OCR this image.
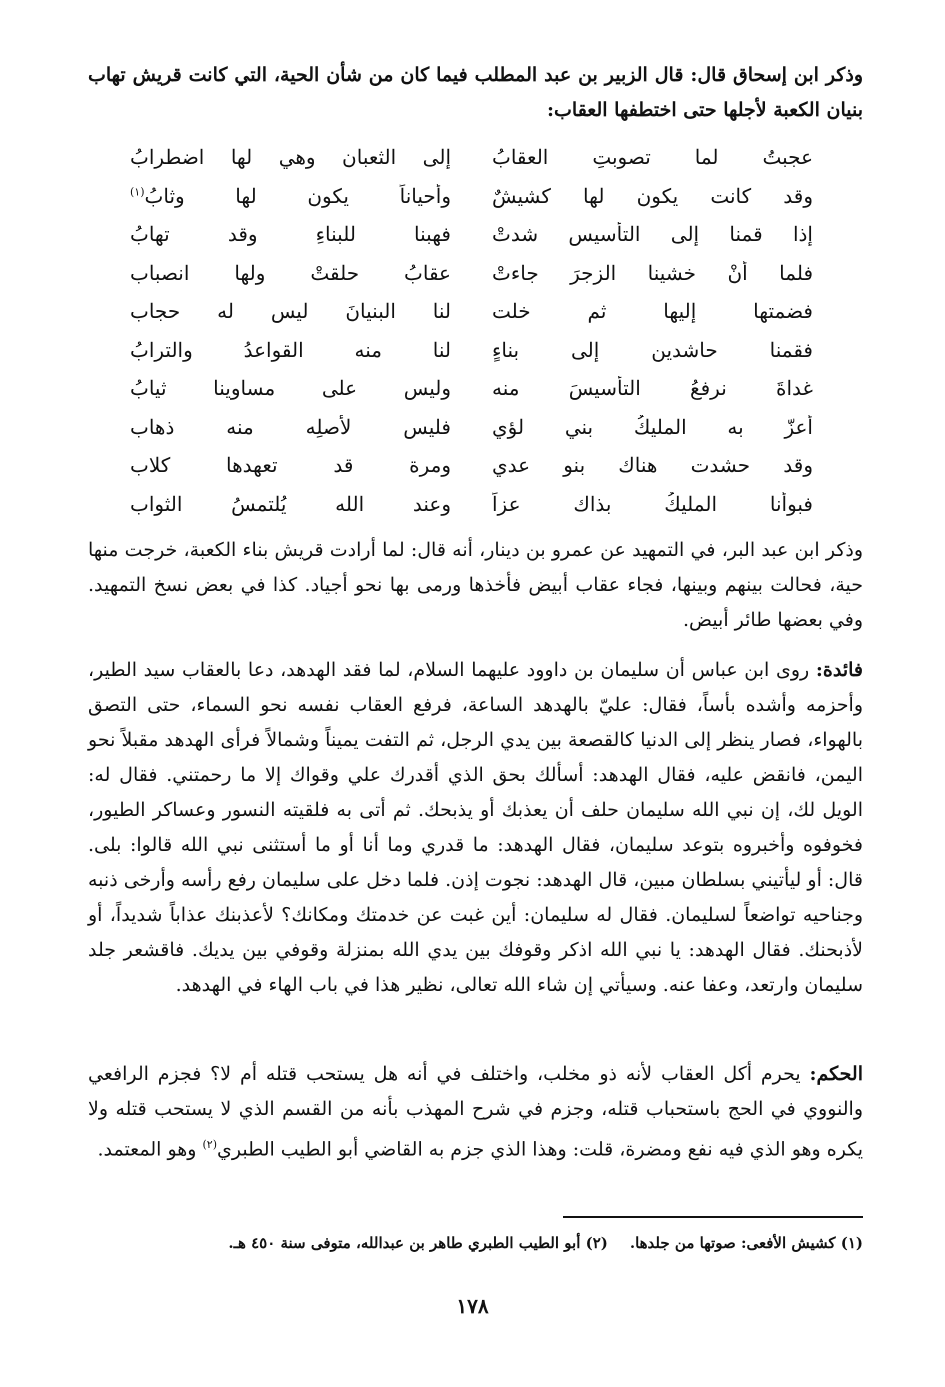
وذكر ابن إسحاق قال: قال الزبير بن عبد المطلب فيما كان من شأن الحية، التي كانت قريش تهاب بنيان الكعبة لأجلها حتى اختطفها العقاب:
عجبتُ لما تصوبتِ العقابُ
إلى الثعبانِ وهي لها اضطرابُ
وقد كانت يكون لها كشيشٌ
وأحياناً يكون لها وِثابُ$^{(١)}$
إذا قمنا إلى التأسيسِ شدتْ
فهبنا للبناءِ وقد تهابُ
فلما أنْ خشينا الزجرَ جاءتْ
عقابُ حلقتْ ولها انصباب
فضمتها إليها ثم خلت
لنا البنيانَ ليس له حجاب
فقمنا حاشدين إلى بناءٍ
لنا منه القواعدُ والترابُ
غداةَ نرفعُ التأسيسَ منه
وليس على مساوينا ثيابُ
أعزّ به المليكُ بني لؤي
فليس لأصلِه منه ذهاب
وقد حشدت هناك بنو عدي
ومرة قد تعهدها كلاب
فبوأنا المليكُ بذاك عزاً
وعند الله يُلتمسُ الثواب
وذكر ابن عبد البر، في التمهيد عن عمرو بن دينار، أنه قال: لما أرادت قريش بناء الكعبة، خرجت منها حية، فحالت بينهم وبينها، فجاء عقاب أبيض فأخذها ورمى بها نحو أجياد. كذا في بعض نسخ التمهيد. وفي بعضها طائر أبيض.
فائدة: روى ابن عباس أن سليمان بن داوود عليهما السلام، لما فقد الهدهد، دعا بالعقاب سيد الطير، وأحزمه وأشده بأساً، فقال: عليّ بالهدهد الساعة، فرفع العقاب نفسه نحو السماء، حتى التصق بالهواء، فصار ينظر إلى الدنيا كالقصعة بين يدي الرجل، ثم التفت يميناً وشمالاً فرأى الهدهد مقبلاً نحو اليمن، فانقض عليه، فقال الهدهد: أسألك بحق الذي أقدرك علي وقواك إلا ما رحمتني. فقال له: الويل لك، إن نبي الله سليمان حلف أن يعذبك أو يذبحك. ثم أتى به فلقيته النسور وعساكر الطيور، فخوفوه وأخبروه بتوعد سليمان، فقال الهدهد: ما قدري وما أنا أو ما أستثنى نبي الله قالوا: بلى. قال: أو ليأتيني بسلطان مبين، قال الهدهد: نجوت إذن. فلما دخل على سليمان رفع رأسه وأرخى ذنبه وجناحيه تواضعاً لسليمان. فقال له سليمان: أين غبت عن خدمتك ومكانك؟ لأعذبنك عذاباً شديداً، أو لأذبحنك. فقال الهدهد: يا نبي الله اذكر وقوفك بين يدي الله بمنزلة وقوفي بين يديك. فاقشعر جلد سليمان وارتعد، وعفا عنه. وسيأتي إن شاء الله تعالى، نظير هذا في باب الهاء في الهدهد.
الحكم: يحرم أكل العقاب لأنه ذو مخلب، واختلف في أنه هل يستحب قتله أم لا؟ فجزم الرافعي والنووي في الحج باستحباب قتله، وجزم في شرح المهذب بأنه من القسم الذي لا يستحب قتله ولا يكره وهو الذي فيه نفع ومضرة، قلت: وهذا الذي جزم به القاضي أبو الطيب الطبري$^{(٢)}$ وهو المعتمد.
(١) كشيش الأفعى: صوتها من جلدها.
(٢) أبو الطيب الطبري طاهر بن عبدالله، متوفى سنة ٤٥٠ هـ.
١٧٨
